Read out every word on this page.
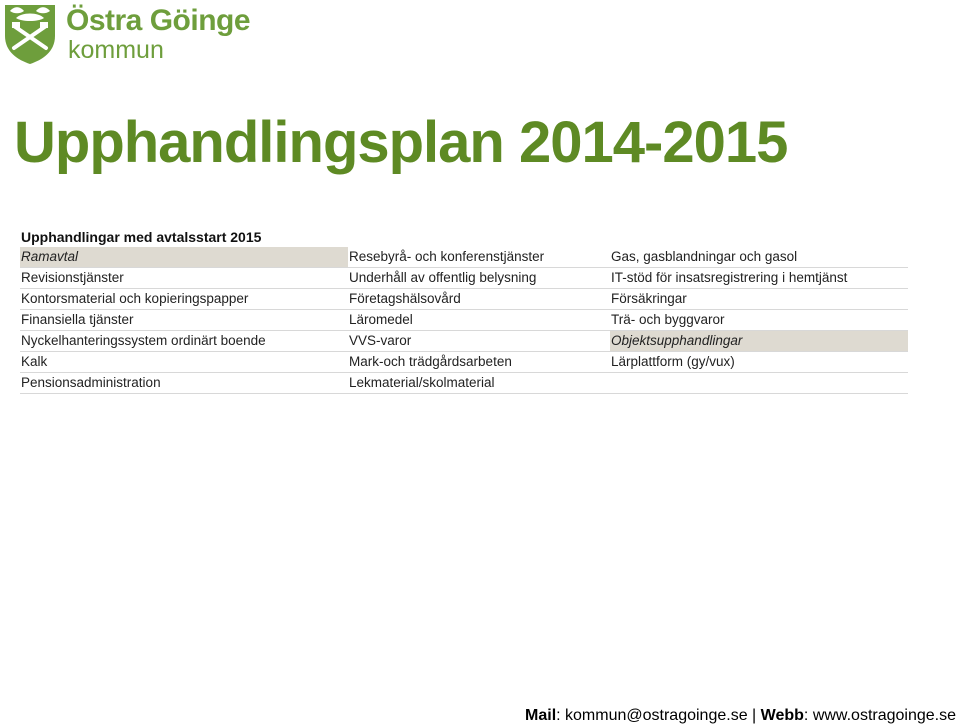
Östra Göinge
kommun
Upphandlingsplan 2014-2015
Upphandlingar med avtalsstart 2015
Ramavtal	Resebyrå- och konferenstjänster	Gas, gasblandningar och gasol
Revisionstjänster	Underhåll av offentlig belysning	IT-stöd för insatsregistrering i hemtjänst
Kontorsmaterial och kopieringspapper	Företagshälsovård	Försäkringar
Finansiella tjänster	Läromedel	Trä- och byggvaror
Nyckelhanteringssystem ordinärt boende	VVS-varor	Objektsupphandlingar
Kalk	Mark-och trädgårdsarbeten	Lärplattform (gy/vux)
Pensionsadministration	Lekmaterial/skolmaterial
Mail: kommun@ostragoinge.se | Webb: www.ostragoinge.se
